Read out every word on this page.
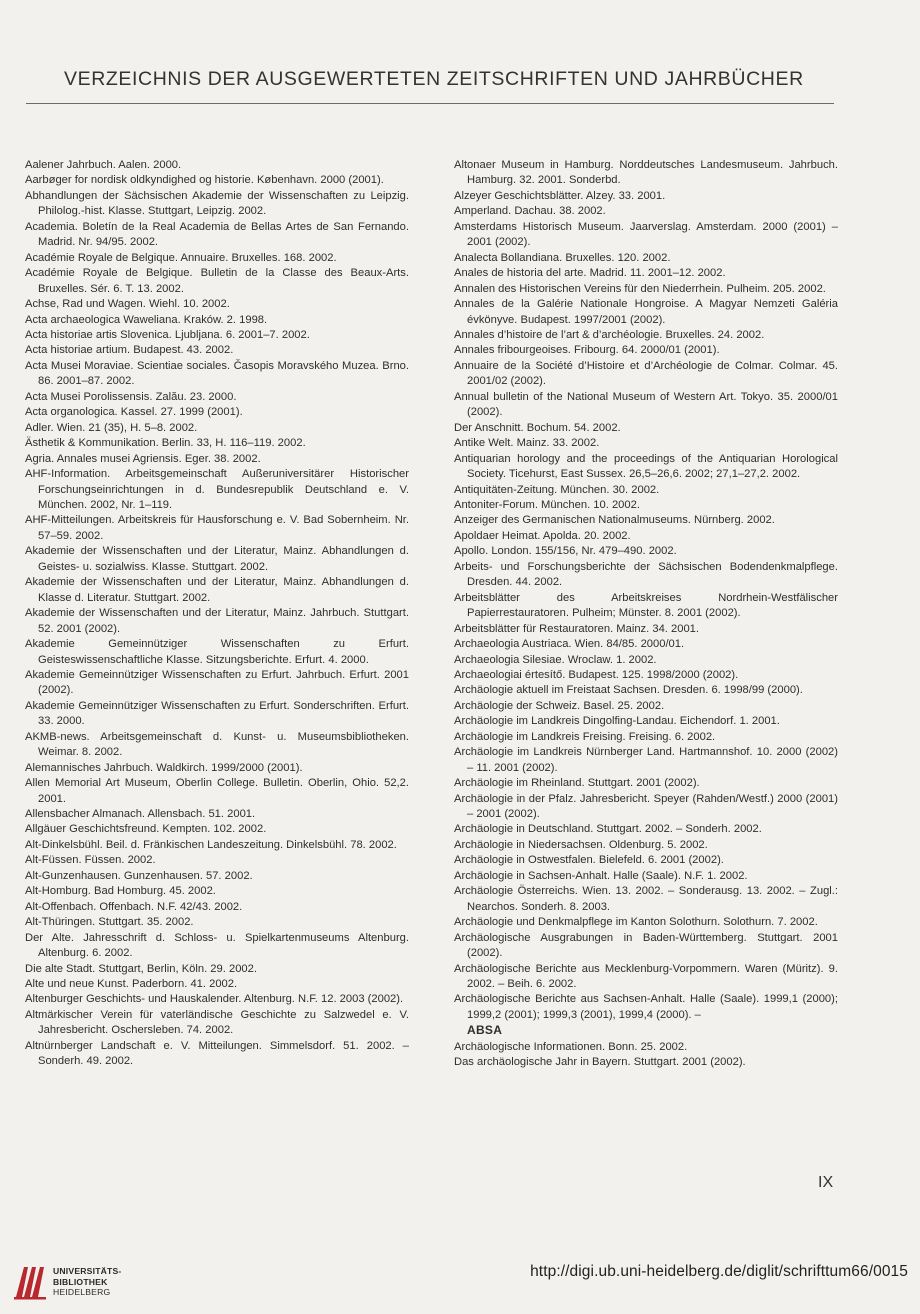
VERZEICHNIS DER AUSGEWERTETEN ZEITSCHRIFTEN UND JAHRBÜCHER
Aalener Jahrbuch. Aalen. 2000.
Aarbøger for nordisk oldkyndighed og historie. København. 2000 (2001).
Abhandlungen der Sächsischen Akademie der Wissenschaften zu Leipzig. Philolog.-hist. Klasse. Stuttgart, Leipzig. 2002.
Academia. Boletín de la Real Academia de Bellas Artes de San Fernando. Madrid. Nr. 94/95. 2002.
Académie Royale de Belgique. Annuaire. Bruxelles. 168. 2002.
Académie Royale de Belgique. Bulletin de la Classe des Beaux-Arts. Bruxelles. Sér. 6. T. 13. 2002.
Achse, Rad und Wagen. Wiehl. 10. 2002.
Acta archaeologica Waweliana. Kraków. 2. 1998.
Acta historiae artis Slovenica. Ljubljana. 6. 2001–7. 2002.
Acta historiae artium. Budapest. 43. 2002.
Acta Musei Moraviae. Scientiae sociales. Časopis Moravského Muzea. Brno. 86. 2001–87. 2002.
Acta Musei Porolissensis. Zalău. 23. 2000.
Acta organologica. Kassel. 27. 1999 (2001).
Adler. Wien. 21 (35), H. 5–8. 2002.
Ästhetik & Kommunikation. Berlin. 33, H. 116–119. 2002.
Agria. Annales musei Agriensis. Eger. 38. 2002.
AHF-Information. Arbeitsgemeinschaft Außeruniversitärer Historischer Forschungseinrichtungen in d. Bundesrepublik Deutschland e. V. München. 2002, Nr. 1–119.
AHF-Mitteilungen. Arbeitskreis für Hausforschung e. V. Bad Sobernheim. Nr. 57–59. 2002.
Akademie der Wissenschaften und der Literatur, Mainz. Abhandlungen d. Geistes- u. sozialwiss. Klasse. Stuttgart. 2002.
Akademie der Wissenschaften und der Literatur, Mainz. Abhandlungen d. Klasse d. Literatur. Stuttgart. 2002.
Akademie der Wissenschaften und der Literatur, Mainz. Jahrbuch. Stuttgart. 52. 2001 (2002).
Akademie Gemeinnütziger Wissenschaften zu Erfurt. Geisteswissenschaftliche Klasse. Sitzungsberichte. Erfurt. 4. 2000.
Akademie Gemeinnütziger Wissenschaften zu Erfurt. Jahrbuch. Erfurt. 2001 (2002).
Akademie Gemeinnütziger Wissenschaften zu Erfurt. Sonderschriften. Erfurt. 33. 2000.
AKMB-news. Arbeitsgemeinschaft d. Kunst- u. Museumsbibliotheken. Weimar. 8. 2002.
Alemannisches Jahrbuch. Waldkirch. 1999/2000 (2001).
Allen Memorial Art Museum, Oberlin College. Bulletin. Oberlin, Ohio. 52,2. 2001.
Allensbacher Almanach. Allensbach. 51. 2001.
Allgäuer Geschichtsfreund. Kempten. 102. 2002.
Alt-Dinkelsbühl. Beil. d. Fränkischen Landeszeitung. Dinkelsbühl. 78. 2002.
Alt-Füssen. Füssen. 2002.
Alt-Gunzenhausen. Gunzenhausen. 57. 2002.
Alt-Homburg. Bad Homburg. 45. 2002.
Alt-Offenbach. Offenbach. N.F. 42/43. 2002.
Alt-Thüringen. Stuttgart. 35. 2002.
Der Alte. Jahresschrift d. Schloss- u. Spielkartenmuseums Altenburg. Altenburg. 6. 2002.
Die alte Stadt. Stuttgart, Berlin, Köln. 29. 2002.
Alte und neue Kunst. Paderborn. 41. 2002.
Altenburger Geschichts- und Hauskalender. Altenburg. N.F. 12. 2003 (2002).
Altmärkischer Verein für vaterländische Geschichte zu Salzwedel e. V. Jahresbericht. Oschersleben. 74. 2002.
Altnürnberger Landschaft e. V. Mitteilungen. Simmelsdorf. 51. 2002. – Sonderh. 49. 2002.
Altonaer Museum in Hamburg. Norddeutsches Landesmuseum. Jahrbuch. Hamburg. 32. 2001. Sonderbd.
Alzeyer Geschichtsblätter. Alzey. 33. 2001.
Amperland. Dachau. 38. 2002.
Amsterdams Historisch Museum. Jaarverslag. Amsterdam. 2000 (2001) – 2001 (2002).
Analecta Bollandiana. Bruxelles. 120. 2002.
Anales de historia del arte. Madrid. 11. 2001–12. 2002.
Annalen des Historischen Vereins für den Niederrhein. Pulheim. 205. 2002.
Annales de la Galérie Nationale Hongroise. A Magyar Nemzeti Galéria évkönyve. Budapest. 1997/2001 (2002).
Annales d’histoire de l’art & d’archéologie. Bruxelles. 24. 2002.
Annales fribourgeoises. Fribourg. 64. 2000/01 (2001).
Annuaire de la Société d’Histoire et d’Archéologie de Colmar. Colmar. 45. 2001/02 (2002).
Annual bulletin of the National Museum of Western Art. Tokyo. 35. 2000/01 (2002).
Der Anschnitt. Bochum. 54. 2002.
Antike Welt. Mainz. 33. 2002.
Antiquarian horology and the proceedings of the Antiquarian Horological Society. Ticehurst, East Sussex. 26,5–26,6. 2002; 27,1–27,2. 2002.
Antiquitäten-Zeitung. München. 30. 2002.
Antoniter-Forum. München. 10. 2002.
Anzeiger des Germanischen Nationalmuseums. Nürnberg. 2002.
Apoldaer Heimat. Apolda. 20. 2002.
Apollo. London. 155/156, Nr. 479–490. 2002.
Arbeits- und Forschungsberichte der Sächsischen Bodendenkmalpflege. Dresden. 44. 2002.
Arbeitsblätter des Arbeitskreises Nordrhein-Westfälischer Papierrestauratoren. Pulheim; Münster. 8. 2001 (2002).
Arbeitsblätter für Restauratoren. Mainz. 34. 2001.
Archaeologia Austriaca. Wien. 84/85. 2000/01.
Archaeologia Silesiae. Wroclaw. 1. 2002.
Archaeologiai értesítő. Budapest. 125. 1998/2000 (2002).
Archäologie aktuell im Freistaat Sachsen. Dresden. 6. 1998/99 (2000).
Archäologie der Schweiz. Basel. 25. 2002.
Archäologie im Landkreis Dingolfing-Landau. Eichendorf. 1. 2001.
Archäologie im Landkreis Freising. Freising. 6. 2002.
Archäologie im Landkreis Nürnberger Land. Hartmannshof. 10. 2000 (2002) – 11. 2001 (2002).
Archäologie im Rheinland. Stuttgart. 2001 (2002).
Archäologie in der Pfalz. Jahresbericht. Speyer (Rahden/Westf.) 2000 (2001) – 2001 (2002).
Archäologie in Deutschland. Stuttgart. 2002. – Sonderh. 2002.
Archäologie in Niedersachsen. Oldenburg. 5. 2002.
Archäologie in Ostwestfalen. Bielefeld. 6. 2001 (2002).
Archäologie in Sachsen-Anhalt. Halle (Saale). N.F. 1. 2002.
Archäologie Österreichs. Wien. 13. 2002. – Sonderausg. 13. 2002. – Zugl.: Nearchos. Sonderh. 8. 2003.
Archäologie und Denkmalpflege im Kanton Solothurn. Solothurn. 7. 2002.
Archäologische Ausgrabungen in Baden-Württemberg. Stuttgart. 2001 (2002).
Archäologische Berichte aus Mecklenburg-Vorpommern. Waren (Müritz). 9. 2002. – Beih. 6. 2002.
Archäologische Berichte aus Sachsen-Anhalt. Halle (Saale). 1999,1 (2000); 1999,2 (2001); 1999,3 (2001), 1999,4 (2000). –
ABSA
Archäologische Informationen. Bonn. 25. 2002.
Das archäologische Jahr in Bayern. Stuttgart. 2001 (2002).
IX
UNIVERSITÄTS-
BIBLIOTHEK
HEIDELBERG
http://digi.ub.uni-heidelberg.de/diglit/schrifttum66/0015
